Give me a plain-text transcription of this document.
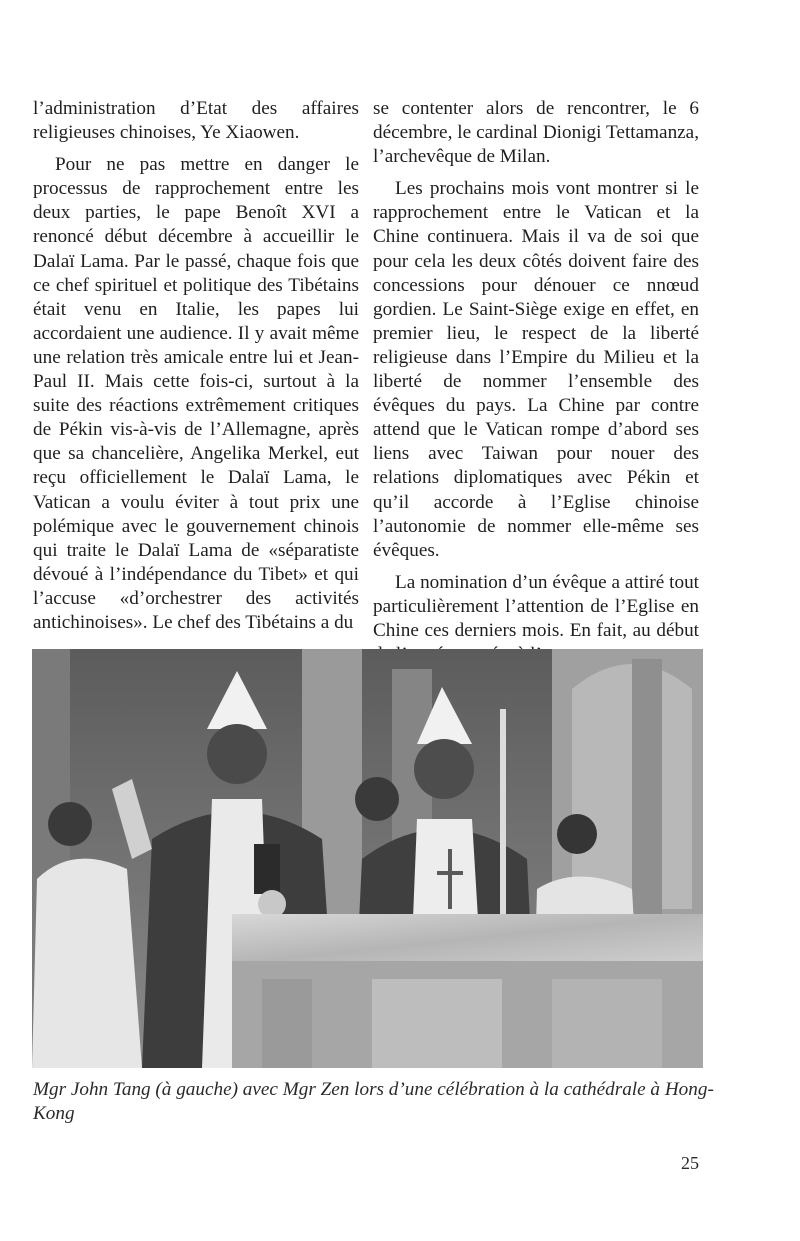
l’administration d’Etat des affaires religieuses chinoises, Ye Xiaowen.

Pour ne pas mettre en danger le processus de rapprochement entre les deux parties, le pape Benoît XVI a renoncé début décembre à accueillir le Dalaï Lama. Par le passé, chaque fois que ce chef spirituel et politique des Tibétains était venu en Italie, les papes lui accordaient une audience. Il y avait même une relation très amicale entre lui et Jean-Paul II. Mais cette fois-ci, surtout à la suite des réactions extrêmement critiques de Pékin vis-à-vis de l’Allemagne, après que sa chancelière, Angelika Merkel, eut reçu officiellement le Dalaï Lama, le Vatican a voulu éviter à tout prix une polémique avec le gouvernement chinois qui traite le Dalaï Lama de «séparatiste dévoué à l’indépendance du Tibet» et qui l’accuse «d’orchestrer des activités antichinoises». Le chef des Tibétains a du

se contenter alors de rencontrer, le 6 décembre, le cardinal Dionigi Tettamanza, l’archevêque de Milan.

Les prochains mois vont montrer si le rapprochement entre le Vatican et la Chine continuera. Mais il va de soi que pour cela les deux côtés doivent faire des concessions pour dénouer ce nnœud gordien. Le Saint-Siège exige en effet, en premier lieu, le respect de la liberté religieuse dans l’Empire du Milieu et la liberté de nommer l’ensemble des évêques du pays. La Chine par contre attend que le Vatican rompe d’abord ses liens avec Taiwan pour nouer des relations diplomatiques avec Pékin et qu’il accorde à l’Eglise chinoise l’autonomie de nommer elle-même ses évêques.

La nomination d’un évêque a attiré tout particulièrement l’attention de l’Eglise en Chine ces derniers mois. En fait, au début

Mgr John Tang (à gauche) avec Mgr Zen lors d’une célébration à la cathédrale à Hong-Kong
25
